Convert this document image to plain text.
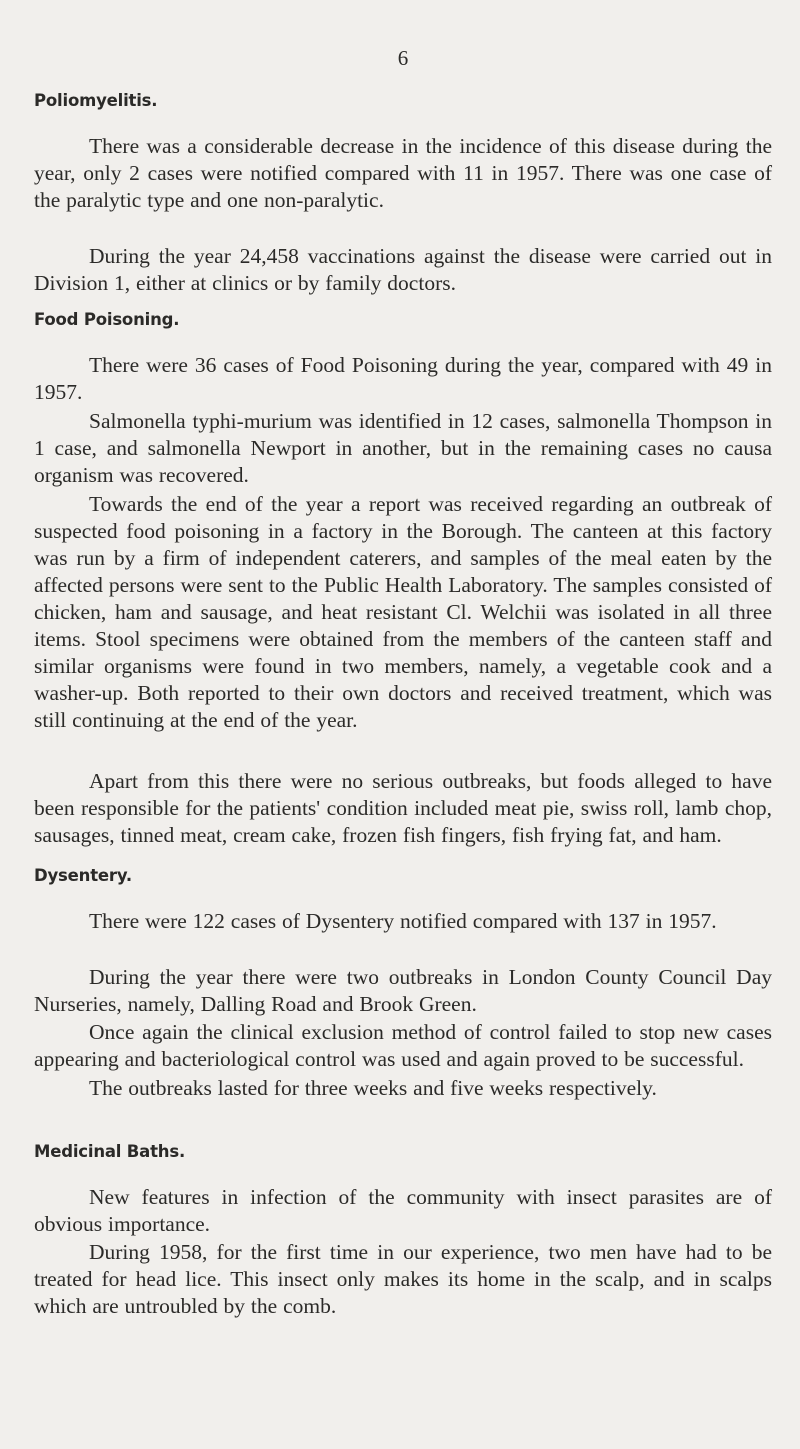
6
Poliomyelitis.

There was a considerable decrease in the incidence of this disease during the year, only 2 cases were notified compared with 11 in 1957. There was one case of the paralytic type and one non-paralytic.

During the year 24,458 vaccinations against the disease were carried out in Division 1, either at clinics or by family doctors.

Food Poisoning.

There were 36 cases of Food Poisoning during the year, compared with 49 in 1957.

Salmonella typhi-murium was identified in 12 cases, salmonella Thompson in 1 case, and salmonella Newport in another, but in the remaining cases no causa organism was recovered.

Towards the end of the year a report was received regarding an outbreak of suspected food poisoning in a factory in the Borough. The canteen at this factory was run by a firm of independent caterers, and samples of the meal eaten by the affected persons were sent to the Public Health Laboratory. The samples consisted of chicken, ham and sausage, and heat resistant Cl. Welchii was isolated in all three items. Stool specimens were obtained from the members of the canteen staff and similar organisms were found in two members, namely, a vegetable cook and a washer-up. Both reported to their own doctors and received treatment, which was still continuing at the end of the year.

Apart from this there were no serious outbreaks, but foods alleged to have been responsible for the patients' condition included meat pie, swiss roll, lamb chop, sausages, tinned meat, cream cake, frozen fish fingers, fish frying fat, and ham.

Dysentery.

There were 122 cases of Dysentery notified compared with 137 in 1957.

During the year there were two outbreaks in London County Council Day Nurseries, namely, Dalling Road and Brook Green.

Once again the clinical exclusion method of control failed to stop new cases appearing and bacteriological control was used and again proved to be successful.

The outbreaks lasted for three weeks and five weeks respectively.

Medicinal Baths.

New features in infection of the community with insect parasites are of obvious importance.

During 1958, for the first time in our experience, two men have had to be treated for head lice. This insect only makes its home in the scalp, and in scalps which are untroubled by the comb.
